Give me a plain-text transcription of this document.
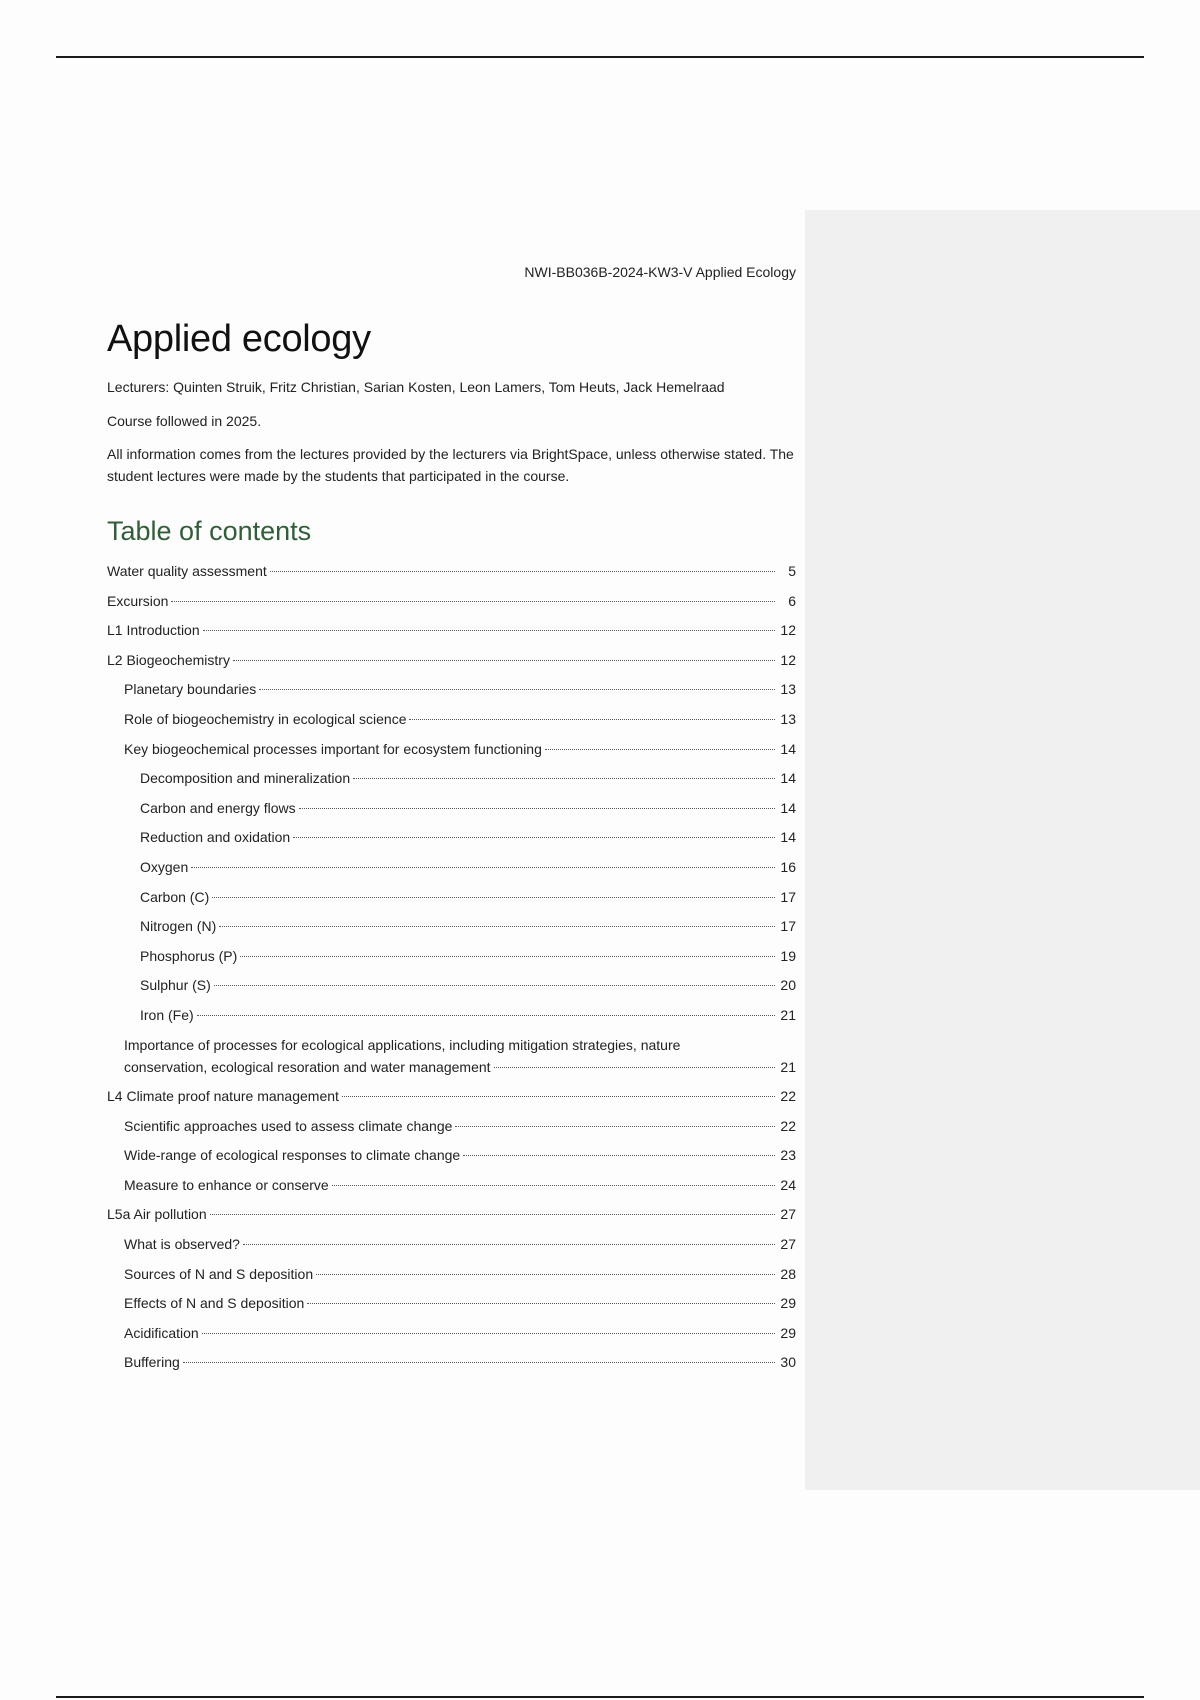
NWI-BB036B-2024-KW3-V Applied Ecology
Applied ecology

Lecturers: Quinten Struik, Fritz Christian, Sarian Kosten, Leon Lamers, Tom Heuts, Jack Hemelraad

Course followed in 2025.

All information comes from the lectures provided by the lecturers via BrightSpace, unless otherwise stated. The student lectures were made by the students that participated in the course.

Table of contents
Water quality assessment	5
Excursion	6
L1 Introduction	12
L2 Biogeochemistry	12
Planetary boundaries	13
Role of biogeochemistry in ecological science	13
Key biogeochemical processes important for ecosystem functioning	14
Decomposition and mineralization	14
Carbon and energy flows	14
Reduction and oxidation	14
Oxygen	16
Carbon (C)	17
Nitrogen (N)	17
Phosphorus (P)	19
Sulphur (S)	20
Iron (Fe)	21
Importance of processes for ecological applications, including mitigation strategies, nature
conservation, ecological resoration and water management	21
L4 Climate proof nature management	22
Scientific approaches used to assess climate change	22
Wide-range of ecological responses to climate change	23
Measure to enhance or conserve	24
L5a Air pollution	27
What is observed?	27
Sources of N and S deposition	28
Effects of N and S deposition	29
Acidification	29
Buffering	30
